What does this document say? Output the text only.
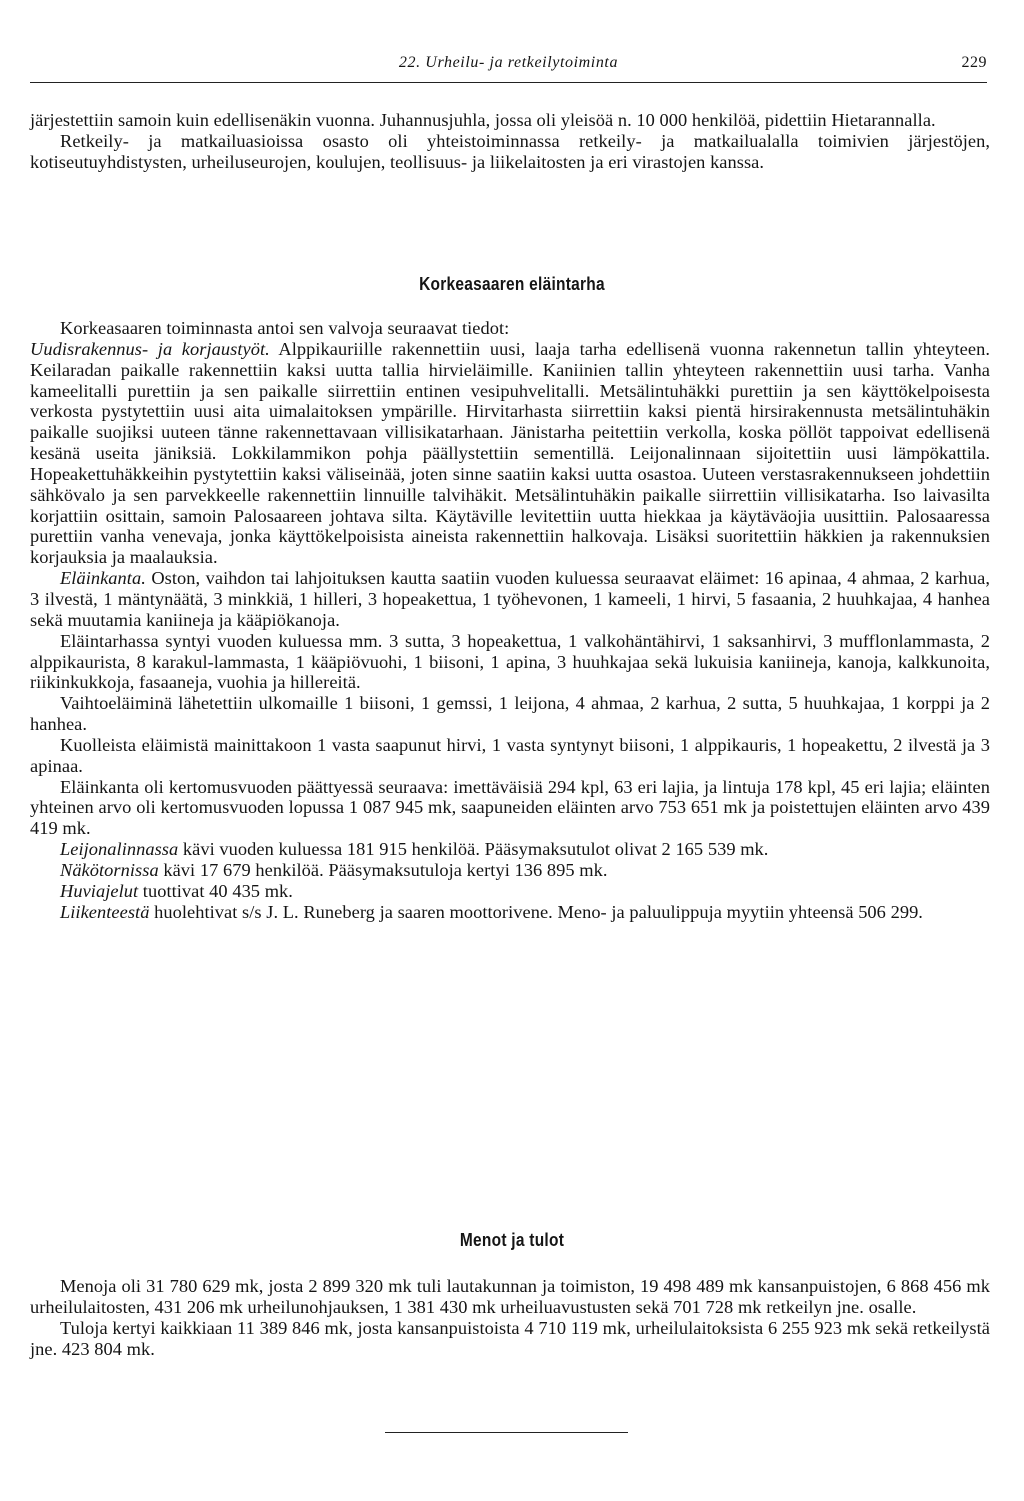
22. Urheilu- ja retkeilytoiminta	229

järjestettiin samoin kuin edellisenäkin vuonna. Juhannusjuhla, jossa oli yleisöä n. 10 000 henkilöä, pidettiin Hietarannalla.

Retkeily- ja matkailuasioissa osasto oli yhteistoiminnassa retkeily- ja matkailualalla toimivien järjestöjen, kotiseutuyhdistysten, urheiluseurojen, koulujen, teollisuus- ja liikelaitosten ja eri virastojen kanssa.

Korkeasaaren eläintarha

Korkeasaaren toiminnasta antoi sen valvoja seuraavat tiedot:

Uudisrakennus- ja korjaustyöt. Alppikauriille rakennettiin uusi, laaja tarha edellisenä vuonna rakennetun tallin yhteyteen. Keilaradan paikalle rakennettiin kaksi uutta tallia hirvieläimille. Kaniinien tallin yhteyteen rakennettiin uusi tarha. Vanha kameelitalli purettiin ja sen paikalle siirrettiin entinen vesipuhvelitalli. Metsälintuhäkki purettiin ja sen käyttökelpoisesta verkosta pystytettiin uusi aita uimalaitoksen ympärille. Hirvitarhasta siirrettiin kaksi pientä hirsirakennusta metsälintuhäkin paikalle suojiksi uuteen tänne rakennettavaan villisikatarhaan. Jänistarha peitettiin verkolla, koska pöllöt tappoivat edellisenä kesänä useita jäniksiä. Lokkilammikon pohja päällystettiin sementillä. Leijonalinnaan sijoitettiin uusi lämpökattila. Hopeakettuhäkkeihin pystytettiin kaksi väliseinää, joten sinne saatiin kaksi uutta osastoa. Uuteen verstasrakennukseen johdettiin sähkövalo ja sen parvekkeelle rakennettiin linnuille talvihäkit. Metsälintuhäkin paikalle siirrettiin villisikatarha. Iso laivasilta korjattiin osittain, samoin Palosaareen johtava silta. Käytäville levitettiin uutta hiekkaa ja käytäväojia uusittiin. Palosaaressa purettiin vanha venevaja, jonka käyttökelpoisista aineista rakennettiin halkovaja. Lisäksi suoritettiin häkkien ja rakennuksien korjauksia ja maalauksia.

Eläinkanta. Oston, vaihdon tai lahjoituksen kautta saatiin vuoden kuluessa seuraavat eläimet: 16 apinaa, 4 ahmaa, 2 karhua, 3 ilvestä, 1 mäntynäätä, 3 minkkiä, 1 hilleri, 3 hopeakettua, 1 työhevonen, 1 kameeli, 1 hirvi, 5 fasaania, 2 huuhkajaa, 4 hanhea sekä muutamia kaniineja ja kääpiökanoja.

Eläintarhassa syntyi vuoden kuluessa mm. 3 sutta, 3 hopeakettua, 1 valkohäntähirvi, 1 saksanhirvi, 3 mufflonlammasta, 2 alppikauristа, 8 karakul-lammasta, 1 kääpiövuohi, 1 biisoni, 1 apina, 3 huuhkajaa sekä lukuisia kaniineja, kanoja, kalkkunoita, riikinkukkoja, fasaaneja, vuohia ja hillereitä.

Vaihtoeläiminä lähetettiin ulkomaille 1 biisoni, 1 gemssi, 1 leijona, 4 ahmaa, 2 karhua, 2 sutta, 5 huuhkajaa, 1 korppi ja 2 hanhea.

Kuolleista eläimistä mainittakoon 1 vasta saapunut hirvi, 1 vasta syntynyt biisoni, 1 alppikauris, 1 hopeakettu, 2 ilvestä ja 3 apinaa.

Eläinkanta oli kertomusvuoden päättyessä seuraava: imettäväisiä 294 kpl, 63 eri lajia, ja lintuja 178 kpl, 45 eri lajia; eläinten yhteinen arvo oli kertomusvuoden lopussa 1 087 945 mk, saapuneiden eläinten arvo 753 651 mk ja poistettujen eläinten arvo 439 419 mk.

Leijonalinnassa kävi vuoden kuluessa 181 915 henkilöä. Pääsymaksutulot olivat 2 165 539 mk.

Näkötornissa kävi 17 679 henkilöä. Pääsymaksutuloja kertyi 136 895 mk.

Huviajelut tuottivat 40 435 mk.

Liikenteestä huolehtivat s/s J. L. Runeberg ja saaren moottorivene. Meno- ja paluulippuja myytiin yhteensä 506 299.

Menot ja tulot

Menoja oli 31 780 629 mk, josta 2 899 320 mk tuli lautakunnan ja toimiston, 19 498 489 mk kansanpuistojen, 6 868 456 mk urheilulaitosten, 431 206 mk urheilunohjauksen, 1 381 430 mk urheiluavustusten sekä 701 728 mk retkeilyn jne. osalle.

Tuloja kertyi kaikkiaan 11 389 846 mk, josta kansanpuistoista 4 710 119 mk, urheilulaitoksista 6 255 923 mk sekä retkeilystä jne. 423 804 mk.
